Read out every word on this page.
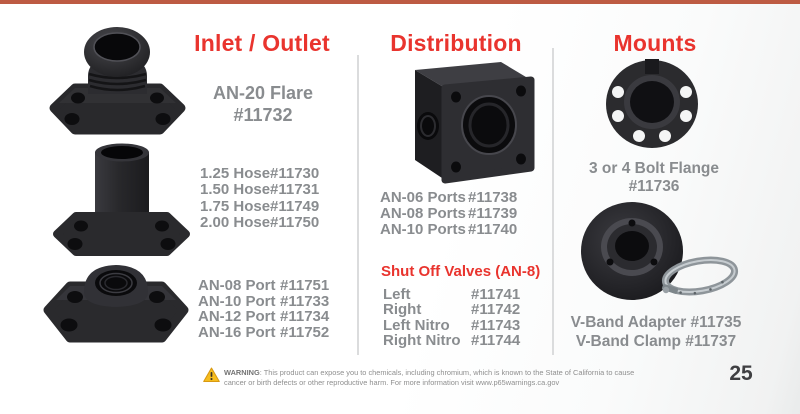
Inlet / Outlet
AN-20 Flare
#11732
1.25 Hose #11730
1.50 Hose #11731
1.75 Hose #11749
2.00 Hose #11750
AN-08 Port #11751
AN-10 Port #11733
AN-12 Port #11734
AN-16 Port #11752
Distribution
AN-06 Ports #11738
AN-08 Ports #11739
AN-10 Ports #11740
Shut Off Valves (AN-8)
Left	#11741
Right	#11742
Left Nitro	#11743
Right Nitro #11744
Mounts
3 or 4 Bolt Flange
#11736
V-Band Adapter #11735
V-Band Clamp #11737
WARNING: This product can expose you to chemicals, including chromium, which is known to the State of California to cause cancer or birth defects or other reproductive harm. For more information visit www.p65warnings.ca.gov	25
